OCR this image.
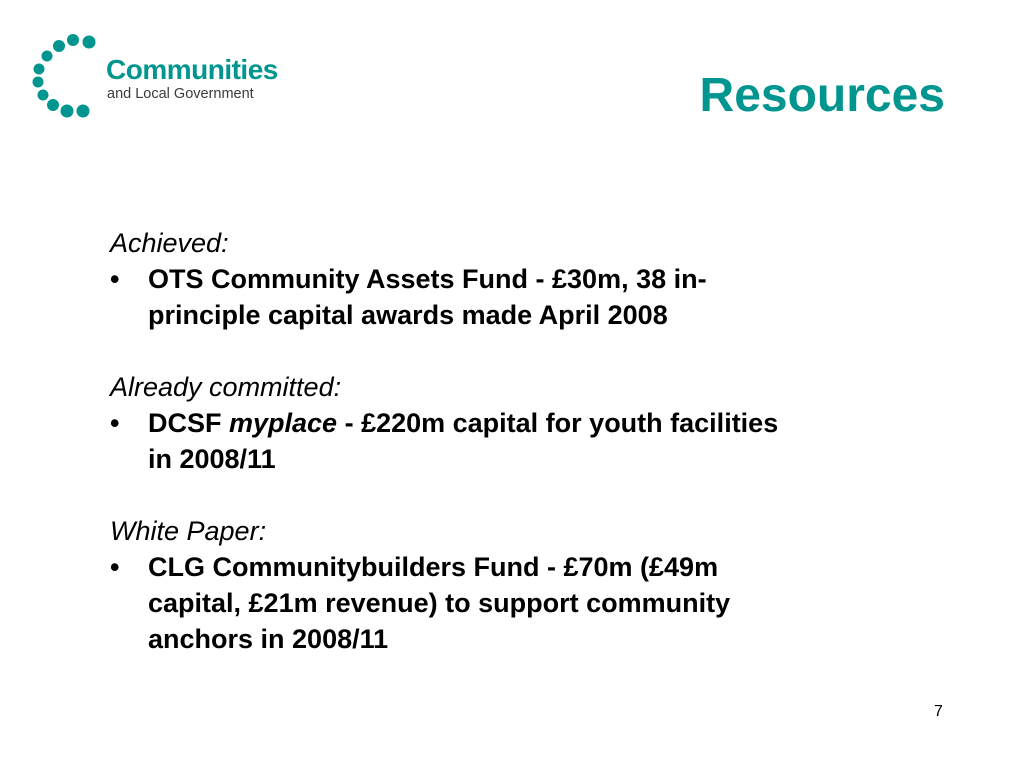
Communities
and Local Government	Resources
Achieved:
•	OTS Community Assets Fund - £30m, 38 in-
principle capital awards made April 2008
Already committed:
•	DCSF myplace - £220m capital for youth facilities
in 2008/11
White Paper:
•	CLG Communitybuilders Fund - £70m (£49m
capital, £21m revenue) to support community
anchors in 2008/11
7
